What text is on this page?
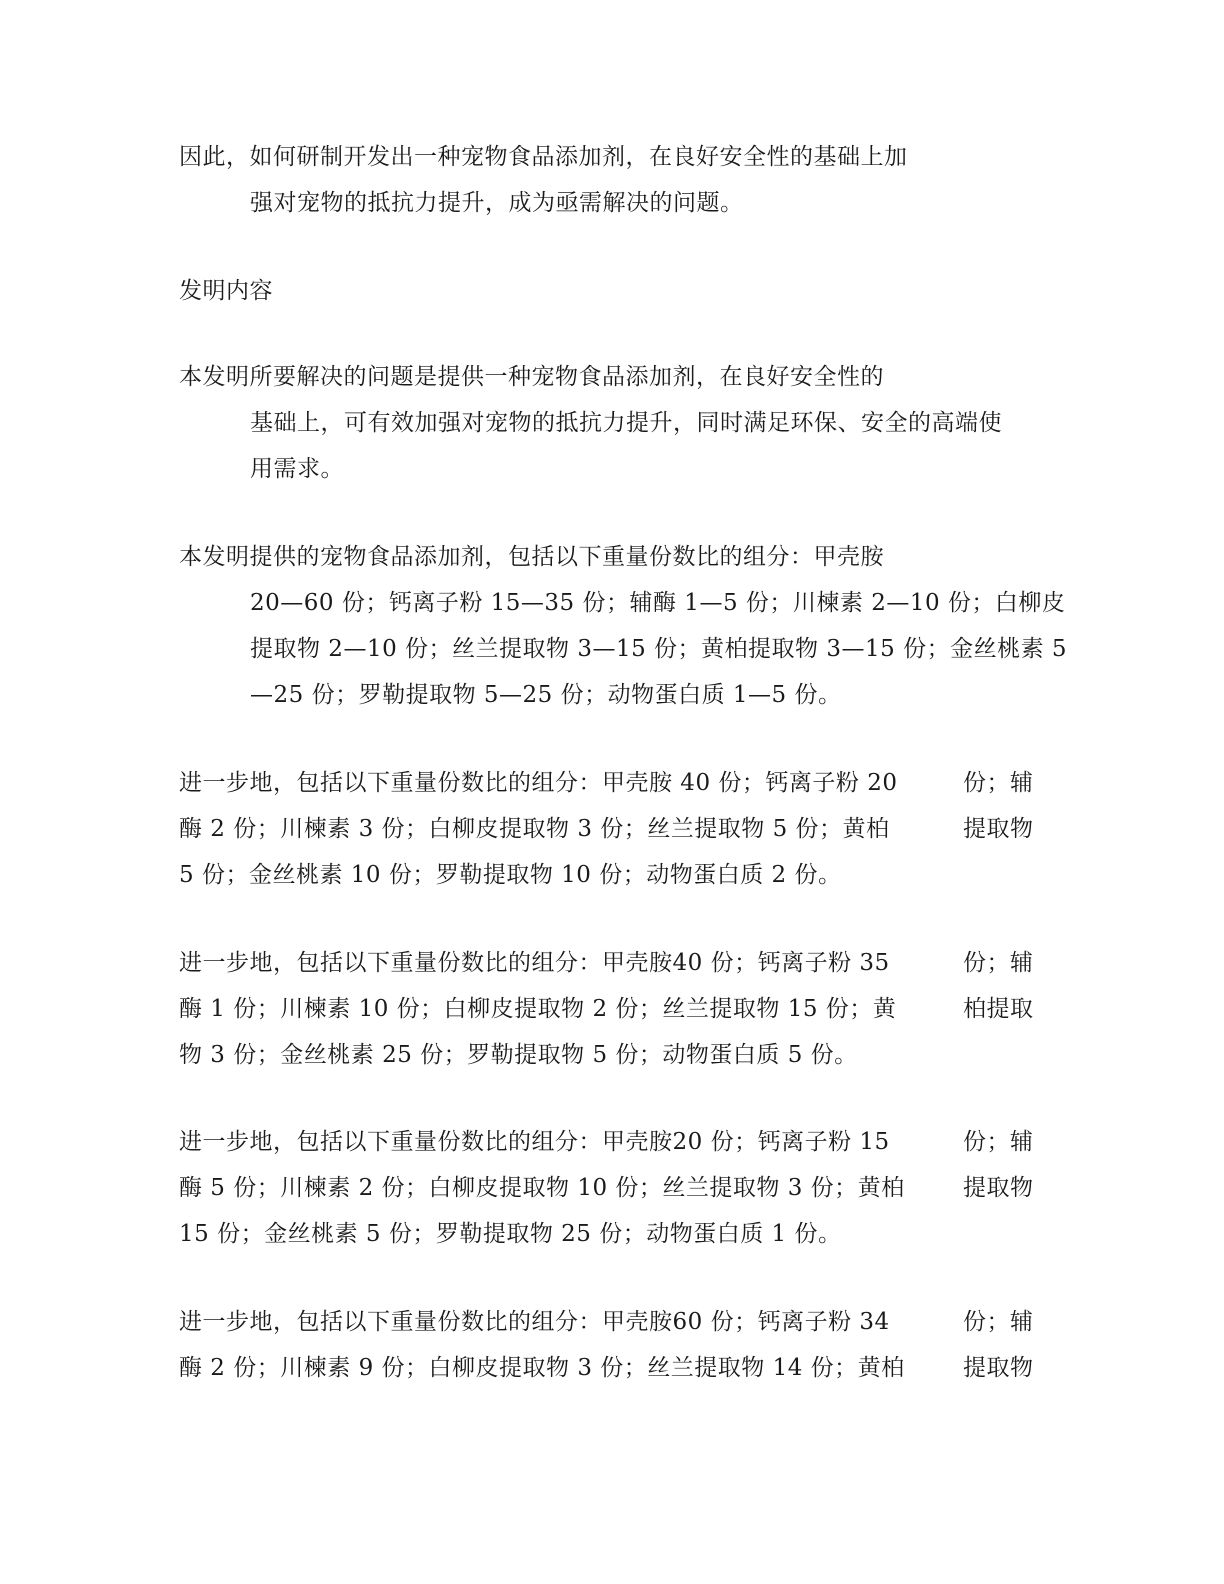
因此，如何研制开发出一种宠物食品添加剂，在良好安全性的基础上加
强对宠物的抵抗力提升，成为亟需解决的问题。
发明内容
本发明所要解决的问题是提供一种宠物食品添加剂，在良好安全性的
基础上，可有效加强对宠物的抵抗力提升，同时满足环保、安全的高端使
用需求。
本发明提供的宠物食品添加剂，包括以下重量份数比的组分：甲壳胺
20—60 份；钙离子粉 15—35 份；辅酶 1—5 份；川楝素 2—10 份；白柳皮
提取物 2—10 份；丝兰提取物 3—15 份；黄柏提取物 3—15 份；金丝桃素 5
—25 份；罗勒提取物 5—25 份；动物蛋白质 1—5 份。
进一步地，包括以下重量份数比的组分：甲壳胺 40 份；钙离子粉 20	份；辅
酶 2 份；川楝素 3 份；白柳皮提取物 3 份；丝兰提取物 5 份；黄柏	提取物
5 份；金丝桃素 10 份；罗勒提取物 10 份；动物蛋白质 2 份。
进一步地，包括以下重量份数比的组分：甲壳胺40 份；钙离子粉 35	份；辅
酶 1 份；川楝素 10 份；白柳皮提取物 2 份；丝兰提取物 15 份；黄	柏提取
物 3 份；金丝桃素 25 份；罗勒提取物 5 份；动物蛋白质 5 份。
进一步地，包括以下重量份数比的组分：甲壳胺20 份；钙离子粉 15	份；辅
酶 5 份；川楝素 2 份；白柳皮提取物 10 份；丝兰提取物 3 份；黄柏	提取物
15 份；金丝桃素 5 份；罗勒提取物 25 份；动物蛋白质 1 份。
进一步地，包括以下重量份数比的组分：甲壳胺60 份；钙离子粉 34	份；辅
酶 2 份；川楝素 9 份；白柳皮提取物 3 份；丝兰提取物 14 份；黄柏	提取物
